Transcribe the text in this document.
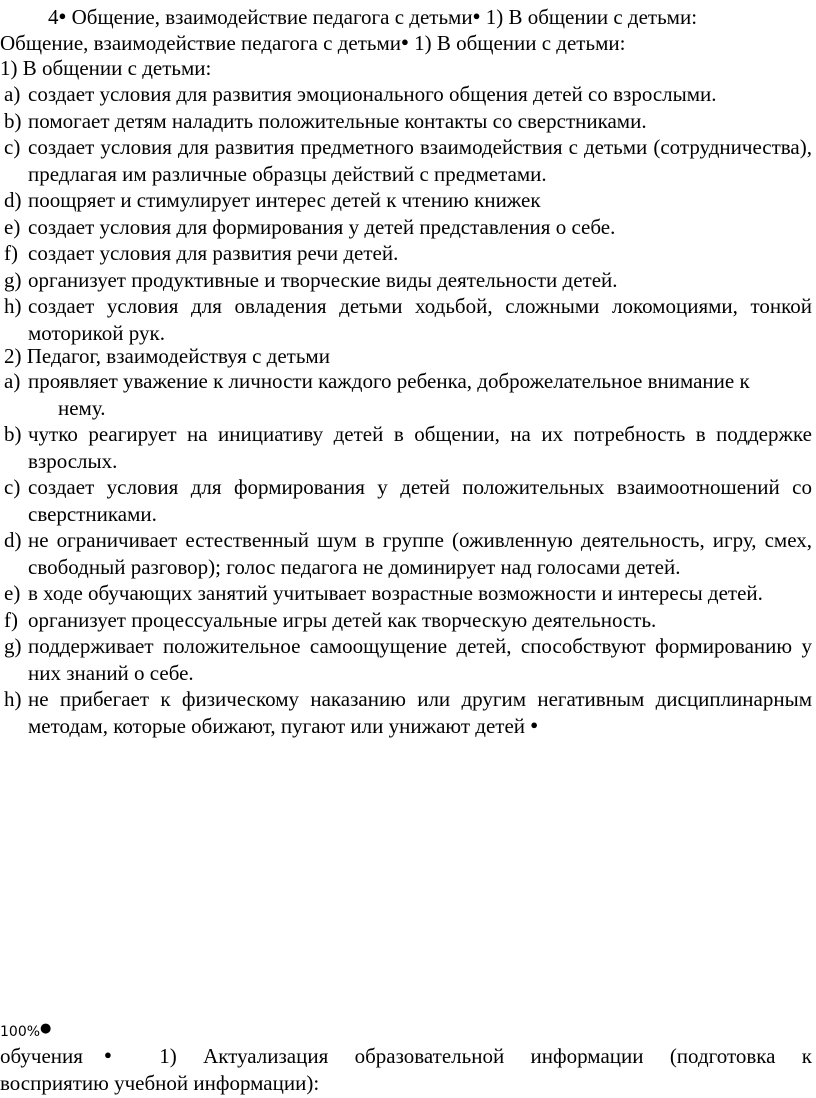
4● Общение, взаимодействие педагога с детьми● 1) В общении с детьми:
Общение, взаимодействие педагога с детьми● 1) В общении с детьми:
1) В общении с детьми:
a) создает условия для развития эмоционального общения детей со взрослыми.
b) помогает детям наладить положительные контакты со сверстниками.
c) создает условия для развития предметного взаимодействия с детьми (сотрудничества), предлагая им различные образцы действий с предметами.
d) поощряет и стимулирует интерес детей к чтению книжек
e) создает условия для формирования у детей представления о себе.
f) создает условия для развития речи детей.
g) организует продуктивные и творческие виды деятельности детей.
h) создает условия для овладения детьми ходьбой, сложными локомоциями, тонкой моторикой рук.
2) Педагог, взаимодействуя с детьми
a) проявляет уважение к личности каждого ребенка, доброжелательное внимание к
нему.
b) чутко реагирует на инициативу детей в общении, на их потребность в поддержке взрослых.
c) создает условия для формирования у детей положительных взаимоотношений со сверстниками.
d) не ограничивает естественный шум в группе (оживленную деятельность, игру, смех, свободный разговор); голос педагога не доминирует над голосами детей.
e) в ходе обучающих занятий учитывает возрастные возможности и интересы детей.
f) организует процессуальные игры детей как творческую деятельность.
g) поддерживает положительное самоощущение детей, способствуют формированию у них знаний о себе.
h) не прибегает к физическому наказанию или другим негативным дисциплинарным методам, которые обижают, пугают или унижают детей ●
100%●
обучения● 1) Актуализация образовательной информации (подготовка к
восприятию учебной информации):
